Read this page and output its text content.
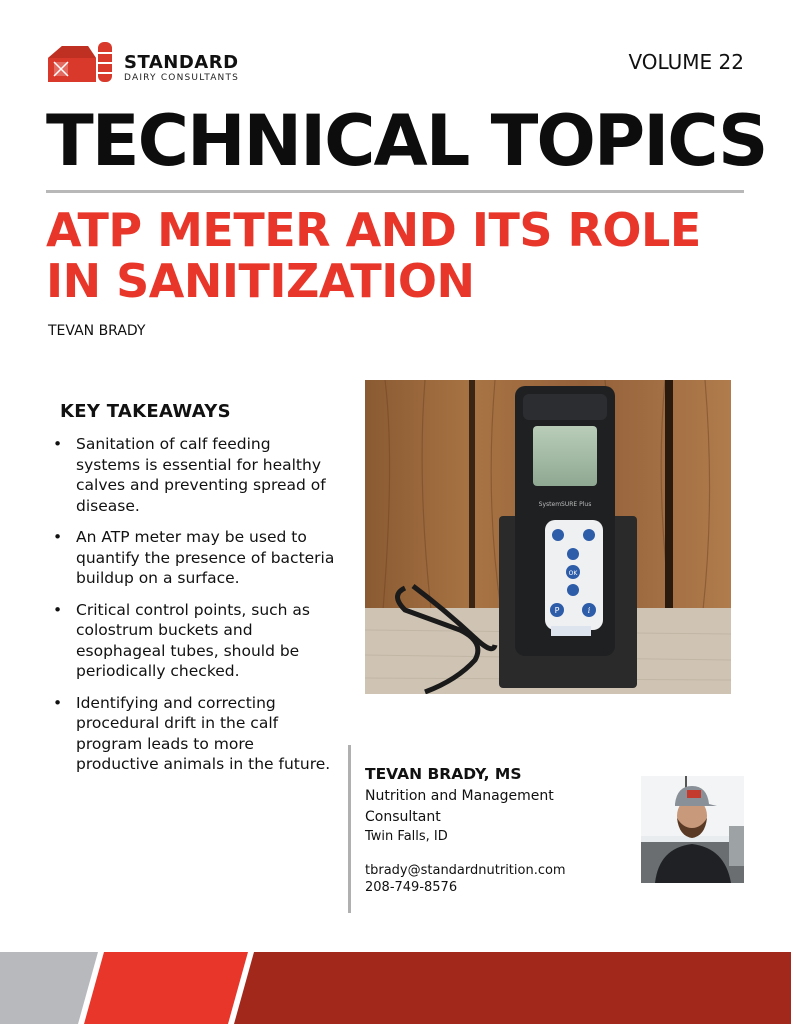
STANDARD
DAIRY CONSULTANTS
VOLUME 22
TECHNICAL TOPICS
ATP METER AND ITS ROLE IN SANITIZATION
TEVAN BRADY
KEY TAKEAWAYS
• Sanitation of calf feeding systems is essential for healthy calves and preventing spread of disease.
• An ATP meter may be used to quantify the presence of bacteria buildup on a surface.
• Critical control points, such as colostrum buckets and esophageal tubes, should be periodically checked.
• Identifying and correcting procedural drift in the calf program leads to more productive animals in the future.
SystemSURE Plus
OK
P	i
TEVAN BRADY, MS
Nutrition and Management Consultant
Twin Falls, ID
tbrady@standardnutrition.com
208-749-8576
